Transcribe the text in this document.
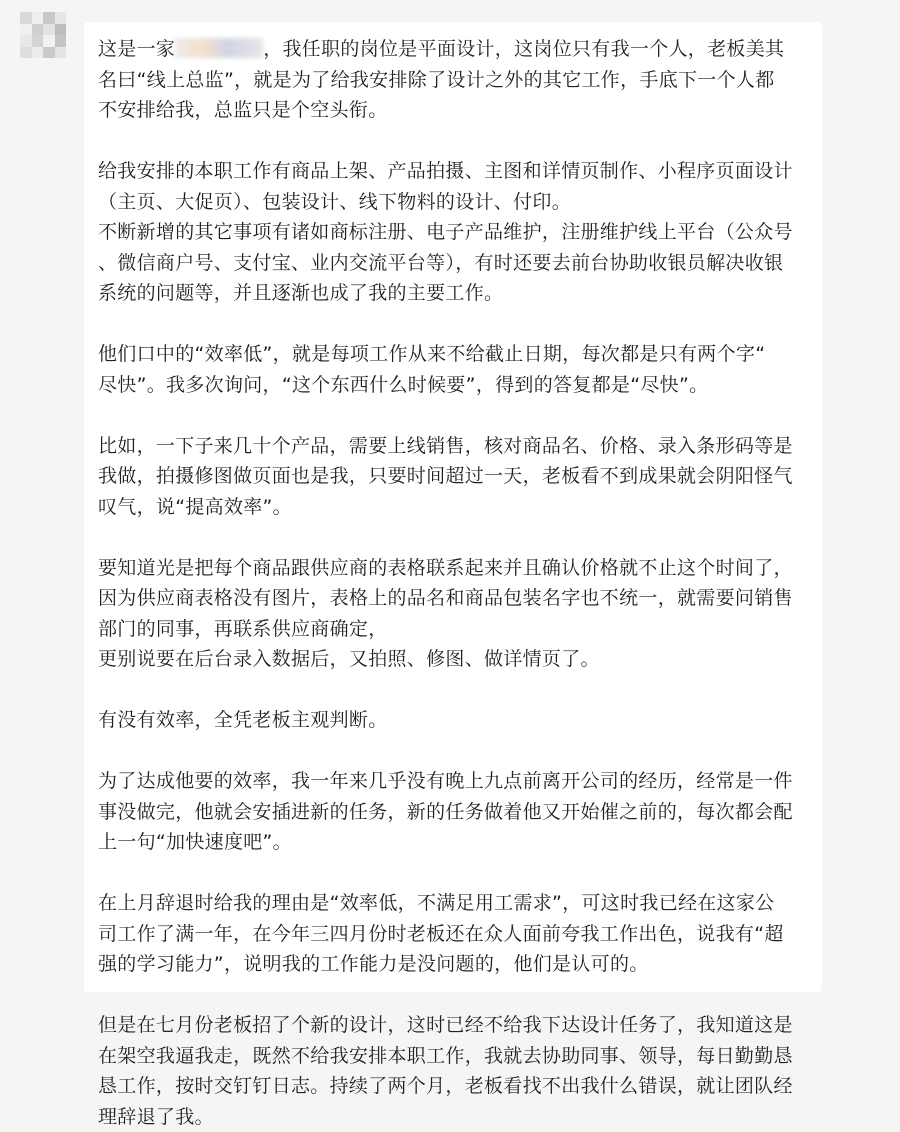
这是一家	，我任职的岗位是平面设计，这岗位只有我一个人，老板美其
名曰“线上总监”，就是为了给我安排除了设计之外的其它工作，手底下一个人都
不安排给我，总监只是个空头衔。

给我安排的本职工作有商品上架、产品拍摄、主图和详情页制作、小程序页面设计
（主页、大促页）、包装设计、线下物料的设计、付印。
不断新增的其它事项有诸如商标注册、电子产品维护，注册维护线上平台（公众号
、微信商户号、支付宝、业内交流平台等），有时还要去前台协助收银员解决收银
系统的问题等，并且逐渐也成了我的主要工作。

他们口中的“效率低”，就是每项工作从来不给截止日期，每次都是只有两个字“
尽快”。我多次询问，“这个东西什么时候要”，得到的答复都是“尽快”。

比如，一下子来几十个产品，需要上线销售，核对商品名、价格、录入条形码等是
我做，拍摄修图做页面也是我，只要时间超过一天，老板看不到成果就会阴阳怪气
叹气，说“提高效率”。

要知道光是把每个商品跟供应商的表格联系起来并且确认价格就不止这个时间了，
因为供应商表格没有图片，表格上的品名和商品包装名字也不统一，就需要问销售
部门的同事，再联系供应商确定，
更别说要在后台录入数据后，又拍照、修图、做详情页了。

有没有效率，全凭老板主观判断。

为了达成他要的效率，我一年来几乎没有晚上九点前离开公司的经历，经常是一件
事没做完，他就会安插进新的任务，新的任务做着他又开始催之前的，每次都会配
上一句“加快速度吧”。

在上月辞退时给我的理由是“效率低，不满足用工需求”，可这时我已经在这家公
司工作了满一年，在今年三四月份时老板还在众人面前夸我工作出色，说我有“超
强的学习能力”，说明我的工作能力是没问题的，他们是认可的。

但是在七月份老板招了个新的设计，这时已经不给我下达设计任务了，我知道这是
在架空我逼我走，既然不给我安排本职工作，我就去协助同事、领导，每日勤勤恳
恳工作，按时交钉钉日志。持续了两个月，老板看找不出我什么错误，就让团队经
理辞退了我。
